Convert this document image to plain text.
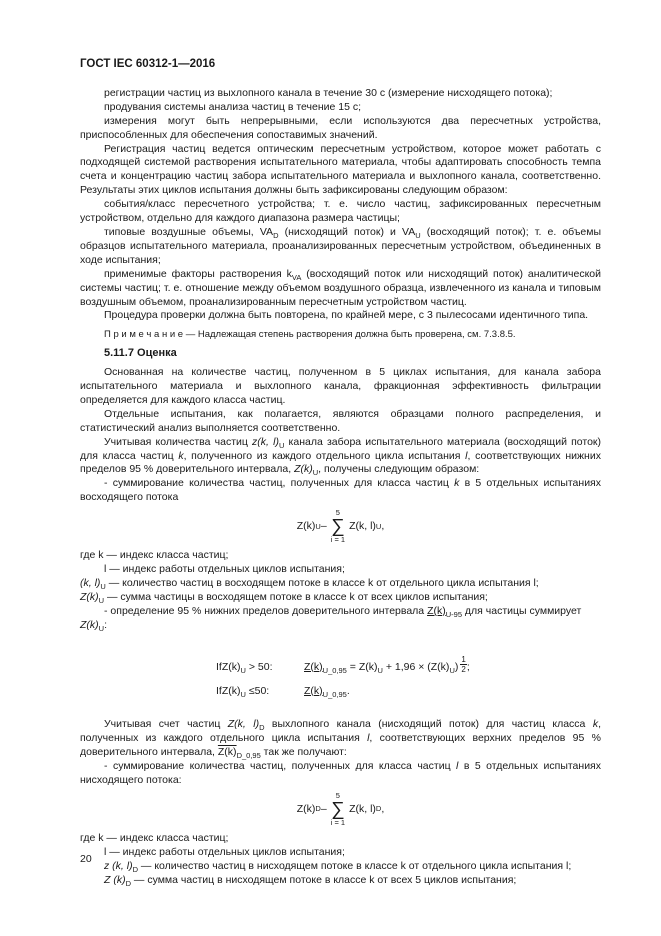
ГОСТ IEC 60312-1—2016

регистрации частиц из выхлопного канала в течение 30 с (измерение нисходящего потока);

продувания системы анализа частиц в течение 15 с;

измерения могут быть непрерывными, если используются два пересчетных устройства, приспособленных для обеспечения сопоставимых значений.

Регистрация частиц ведется оптическим пересчетным устройством, которое может работать с подходящей системой растворения испытательного материала, чтобы адаптировать способность темпа счета и концентрацию частиц забора испытательного материала и выхлопного канала, соответственно. Результаты этих циклов испытания должны быть зафиксированы следующим образом:

события/класс пересчетного устройства; т. е. число частиц, зафиксированных пересчетным устройством, отдельно для каждого диапазона размера частицы;

типовые воздушные объемы, $VA_D$ (нисходящий поток) и $VA_U$ (восходящий поток); т. е. объемы образцов испытательного материала, проанализированных пересчетным устройством, объединенных в ходе испытания;

применимые факторы растворения $k_{VA}$ (восходящий поток или нисходящий поток) аналитической системы частиц; т. е. отношение между объемом воздушного образца, извлеченного из канала и типовым воздушным объемом, проанализированным пересчетным устройством частиц.

Процедура проверки должна быть повторена, по крайней мере, с 3 пылесосами идентичного типа.

П р и м е ч а н и е — Надлежащая степень растворения должна быть проверена, см. 7.3.8.5.

5.11.7 Оценка

Основанная на количестве частиц, полученном в 5 циклах испытания, для канала забора испытательного материала и выхлопного канала, фракционная эффективность фильтрации определяется для каждого класса частиц.

Отдельные испытания, как полагается, являются образцами полного распределения, и статистический анализ выполняется соответственно.

Учитывая количества частиц z(k, $l)_U$ канала забора испытательного материала (восходящий поток) для класса частиц k, полученного из каждого отдельного цикла испытания l, соответствующих нижних пределов 95 % доверительного интервала, $Z(k)_U$, получены следующим образом:

- суммирование количества частиц, полученных для класса частиц k в 5 отдельных испытаниях восходящего потока

Z(k) U –
5
∑
i = 1
Z(k, l) U ,

где k — индекс класса частиц;

l — индекс работы отдельных циклов испытания;

(k, $l)_U$ — количество частиц в восходящем потоке в классе k от отдельного цикла испытания l;

$Z(k)_U$ — сумма частицы в восходящем потоке в классе k от всех циклов испытания;

- определение 95 % нижних пределов доверительного интервала $Z(k)_{U-95}$ для частицы суммирует

$Z(k)_U$:

$IfZ(k)_U > 50$:	$Z(k)_{U\_0,95} = Z(k)_U + 1,96 \times (Z(k)_U) \frac{1}{2}$ ;
$IfZ(k)_U \le 50$:	$Z(k)_{U\_0,95}$.

Учитывая счет частиц Z(k, $l)_D$ выхлопного канала (нисходящий поток) для частиц класса k, полученных из каждого отдельного цикла испытания l, соответствующих верхних пределов 95 % доверительного интервала, $Z(k)_{D\_0,95}$ так же получают:

- суммирование количества частиц, полученных для класса частиц l в 5 отдельных испытаниях нисходящего потока:

Z(k) D –
5
∑
i = 1
Z(k, l) D ,

где k — индекс класса частиц;

l — индекс работы отдельных циклов испытания;

z (k, $l)_D$ — количество частиц в нисходящем потоке в классе k от отдельного цикла испытания l;

Z $(k)_D$ — сумма частиц в нисходящем потоке в классе k от всех 5 циклов испытания;

20
